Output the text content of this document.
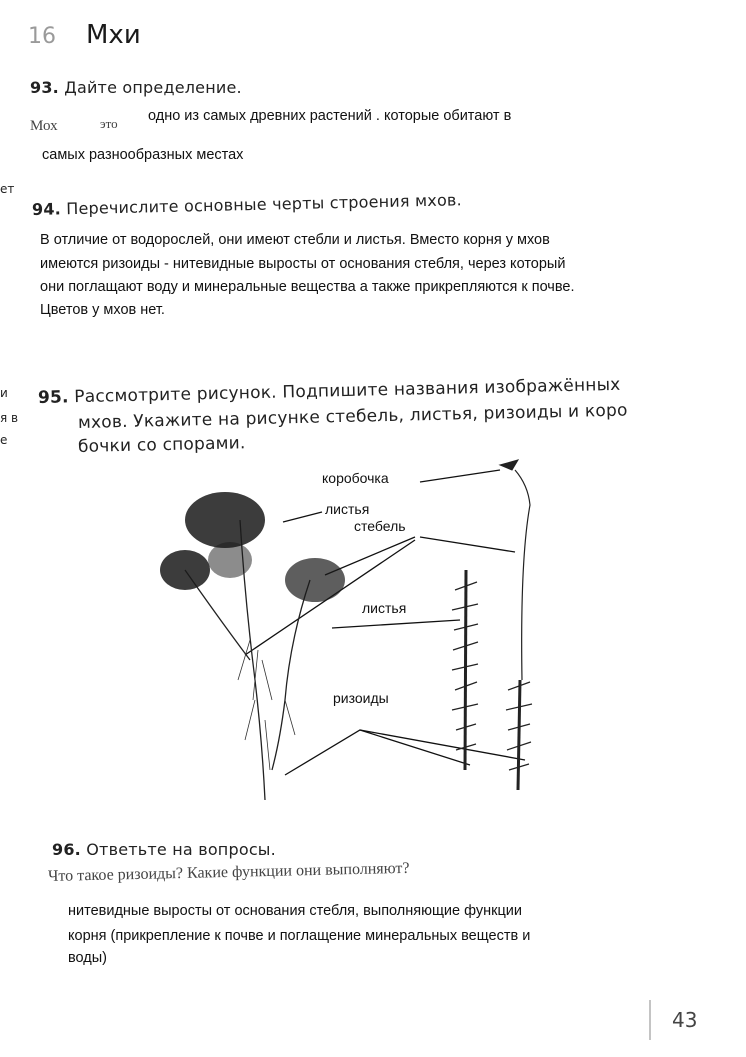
16 Мхи
ет
и
я в
е
93. Дайте определение.
Мох	это одно из самых древних растений . которые обитают в
самых разнообразных местах
94. Перечислите основные черты строения мхов.
В отличие от водорослей, они имеют стебли и листья. Вместо корня у мхов
имеются ризоиды - нитевидные выросты от основания стебля, через который
они поглащают воду и минеральные вещества а также прикрепляются к почве.
Цветов у мхов нет.
95. Рассмотрите рисунок. Подпишите названия изображённых
мхов. Укажите на рисунке стебель, листья, ризоиды и коро
бочки со спорами.
коробочка
листья
стебель
листья
ризоиды
96. Ответьте на вопросы.
Что такое ризоиды? Какие функции они выполняют?
нитевидные выросты от основания стебля, выполняющие функции
корня (прикрепление к почве и поглащение минеральных веществ и
воды)
43
